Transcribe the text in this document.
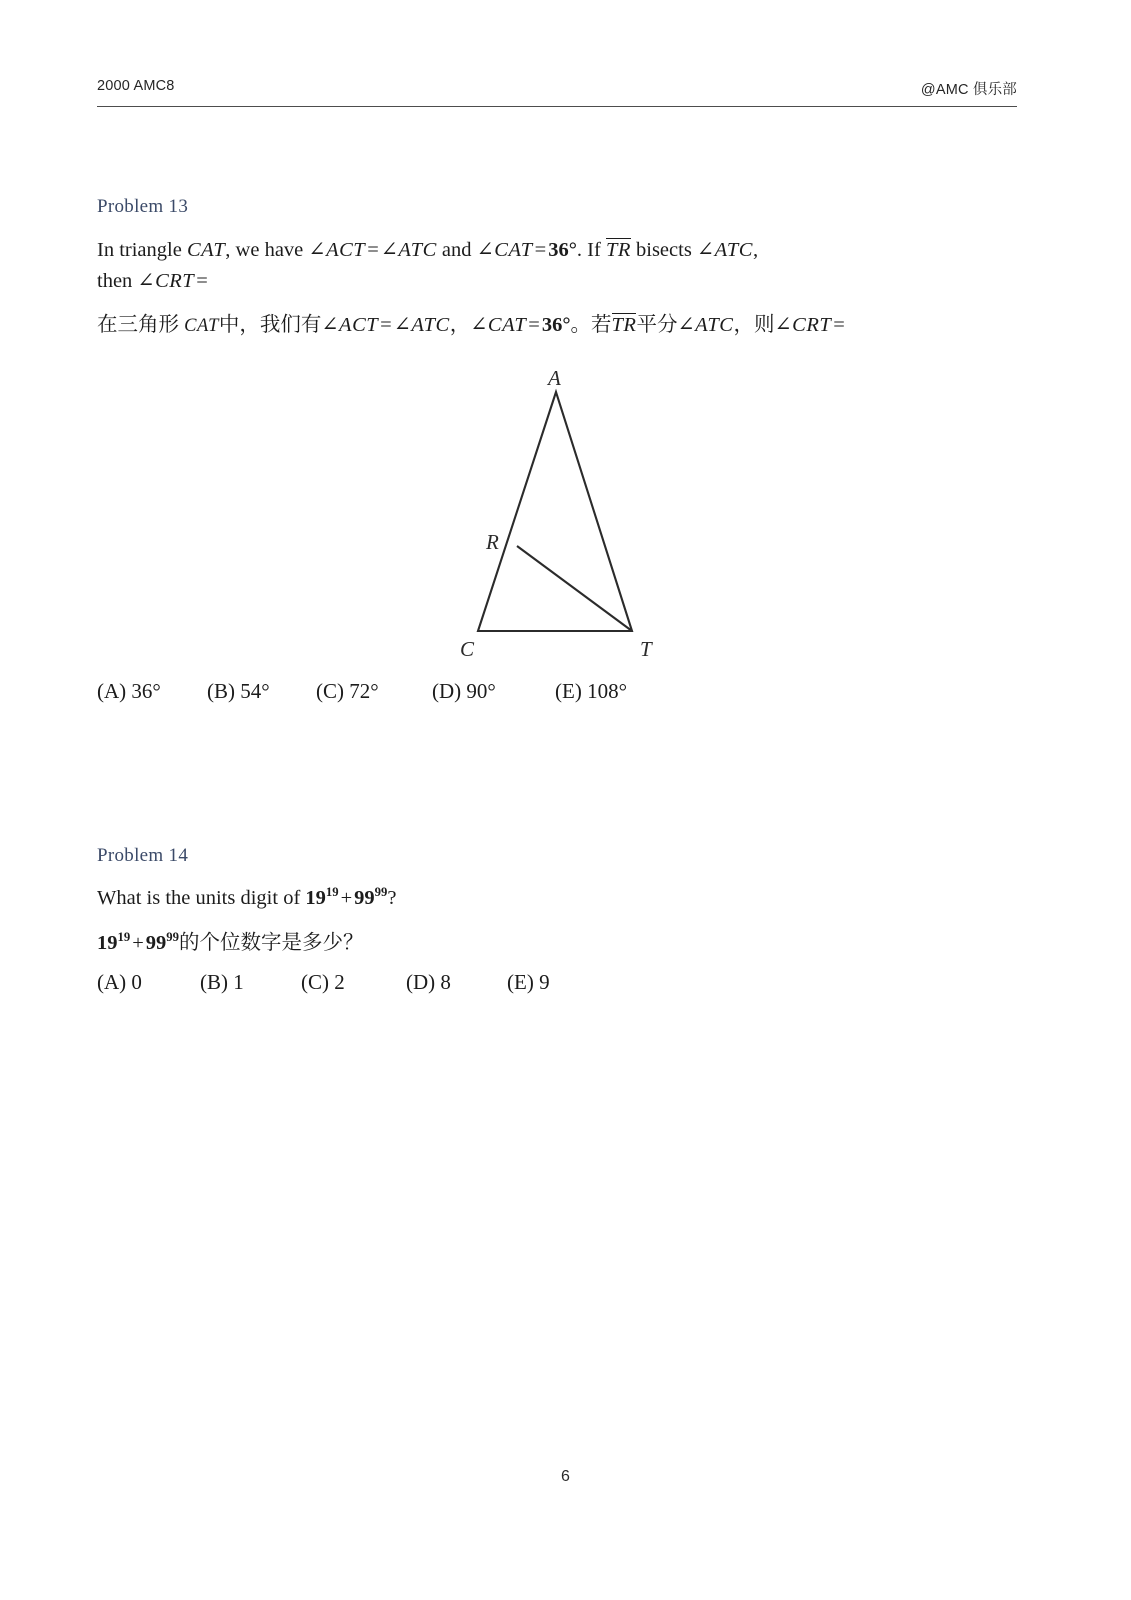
2000 AMC8	@AMC 俱乐部
Problem 13
In triangle CAT, we have ∠ACT=∠ATC and ∠CAT=36°. If TR bisects ∠ATC,
then ∠CRT=
在三角形 CAT中，我们有∠ACT=∠ATC，∠CAT=36°。若TR平分∠ATC，则∠CRT=
A
R
C	T
(A) 36° (B) 54° (C) 72°	(D) 90°	(E) 108°
Problem 14
What is the units digit of $19^{19}+99^{99}$?
$19^{19}+99^{99}$的个位数字是多少？
(A) 0	(B) 1	(C) 2	(D) 8	(E) 9
6
